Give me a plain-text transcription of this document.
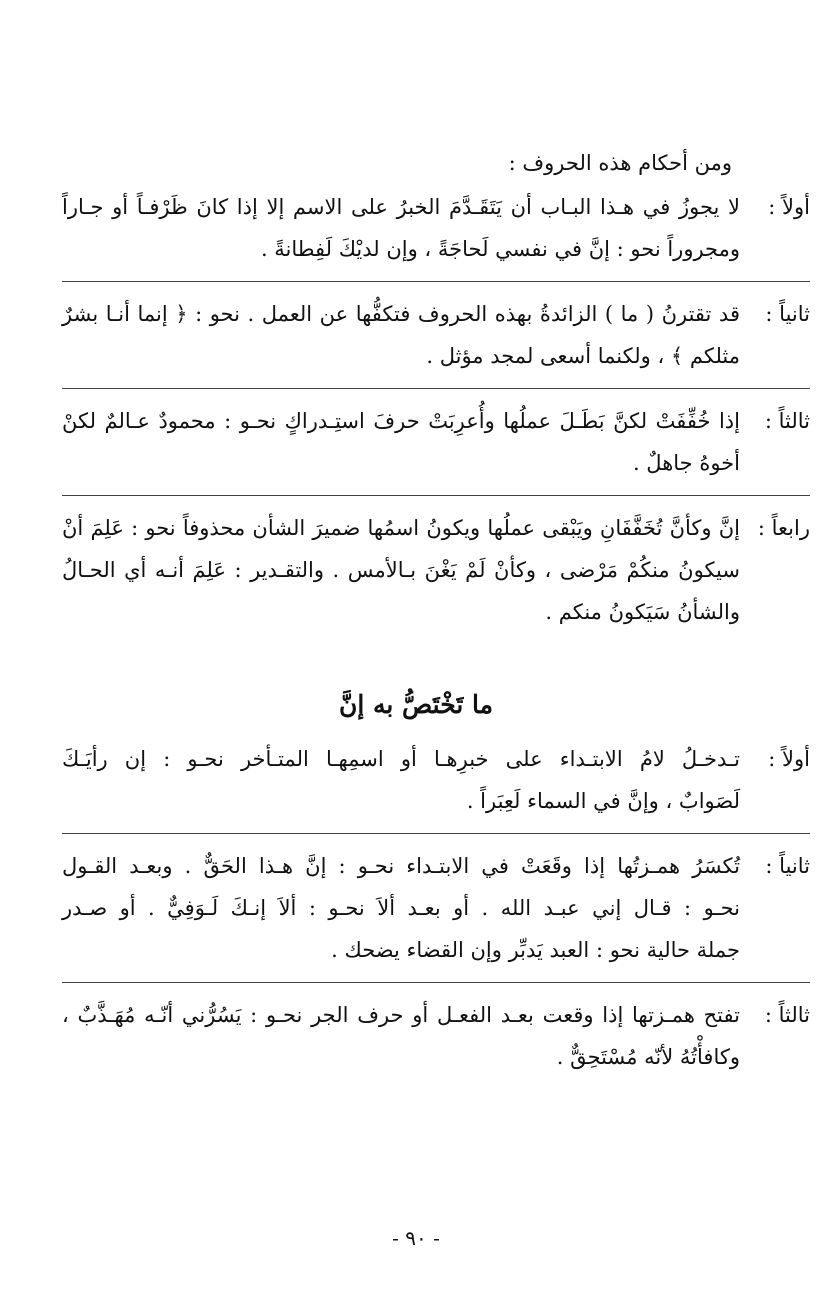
ومن أحكام هذه الحروف :
أولاً :
لا يجوزُ في هـذا البـاب أن يَتَقَـدَّمَ الخبرُ على الاسم إلا إذا كانَ ظَرْفـاً أو جـاراً
ومجروراً نحو : إنَّ في نفسي لَحاجَةً ، وإن لديْكَ لَفِطانةً .
ثانياً :
قد تقترنُ ( ما ) الزائدةُ بهذه الحروف فتكفُّها عن العمل . نحو : ﴿ إنما أنـا بشرٌ
مثلكم ﴾ ، ولكنما أسعى لمجد مؤثل .
ثالثاً :
إذا خُفِّفَتْ لكنَّ بَطَـلَ عملُها وأُعرِبَتْ حرفَ استِـدراكٍ نحـو : محمودٌ عـالمٌ لكنْ
أخوهُ جاهلٌ .
رابعاً :
إنَّ وكأنَّ تُخَفَّفَانِ ويَبْقى عملُها ويكونُ اسمُها ضميرَ الشأن محذوفاً نحو : عَلِمَ أنْ
سيكونُ منكُمْ مَرْضى ، وكأنْ لَمْ يَغْنَ بـالأمس . والتقـدير : عَلِمَ أنـه أي الحـالُ
والشأنُ سَيَكونُ منكم .
ما تَخْتَصُّ به إنَّ
أولاً :
تـدخـلُ لامُ الابتـداء على خبرِهـا أو اسمِهـا المتـأخر نحـو : إن رأيَـكَ
لَصَوابٌ ، وإنَّ في السماء لَعِبَراً .
ثانياً :
تُكسَرُ همـزتُها إذا وقَعَتْ في الابتـداء نحـو : إنَّ هـذا الحَقٌّ . وبعـد القـول
نحـو : قـال إني عبـد الله . أو بعـد ألاَ نحـو : ألاَ إنـكَ لَـوَفِيٌّ . أو صـدر
جملة حالية نحو : العبد يَدبِّر وإن القضاء يضحك .
ثالثاً :
تفتح همـزتها إذا وقعت بعـد الفعـل أو حرف الجر نحـو : يَسُرُّني أنّـه مُهَـذَّبٌ ،
وكافأْتُهُ لأنّه مُسْتَحِقٌّ .
- ٩٠ -
